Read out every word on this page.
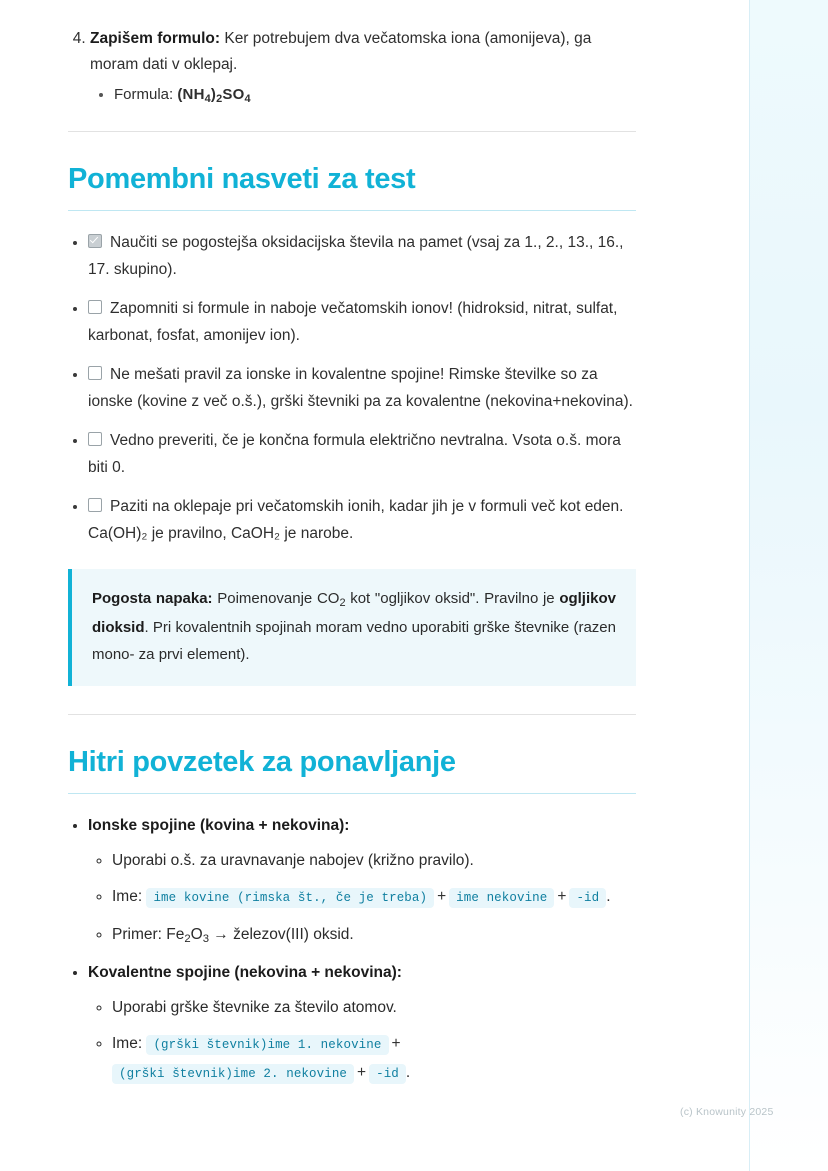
4. Zapišem formulo: Ker potrebujem dva večatomska iona (amonijeva), ga moram dati v oklepaj.
• Formula: $(NH_4)_2SO_4$
Pomembni nasveti za test
• Naučiti se pogostejša oksidacijska števila na pamet (vsaj za 1., 2., 13., 16., 17. skupino).
• Zapomniti si formule in naboje večatomskih ionov! (hidroksid, nitrat, sulfat, karbonat, fosfat, amonijev ion).
• Ne mešati pravil za ionske in kovalentne spojine! Rimske številke so za ionske (kovine z več o.š.), grški števniki pa za kovalentne (nekovina+nekovina).
• Vedno preveriti, če je končna formula električno nevtralna. Vsota o.š. mora biti 0.
• Paziti na oklepaje pri večatomskih ionih, kadar jih je v formuli več kot eden. Ca(OH)₂ je pravilno, CaOH₂ je narobe.
Pogosta napaka: Poimenovanje $CO_2$ kot "ogljikov oksid". Pravilno je ogljikov dioksid. Pri kovalentnih spojinah moram vedno uporabiti grške števnike (razen mono- za prvi element).
Hitri povzetek za ponavljanje
• Ionske spojine (kovina + nekovina):
◦ Uporabi o.š. za uravnavanje nabojev (križno pravilo).
◦ Ime: ime kovine (rimska št., če je treba) + ime nekovine + -id .
◦ Primer: $Fe_2O_3$ → železov(III) oksid.
• Kovalentne spojine (nekovina + nekovina):
◦ Uporabi grške števnike za število atomov.
◦ Ime: (grški števnik)ime 1. nekovine +(grški števnik)ime 2. nekovine + -id .
(c) Knowunity 2025
